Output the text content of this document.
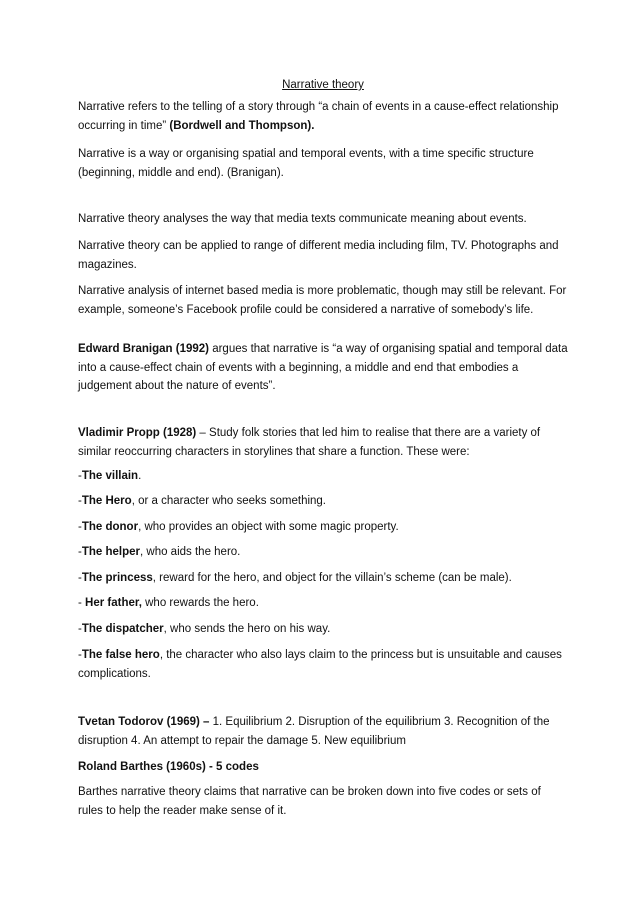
Narrative theory

Narrative refers to the telling of a story through “a chain of events in a cause-effect relationship occurring in time” (Bordwell and Thompson).

Narrative is a way or organising spatial and temporal events, with a time specific structure (beginning, middle and end). (Branigan).

Narrative theory analyses the way that media texts communicate meaning about events.

Narrative theory can be applied to range of different media including film, TV. Photographs and magazines.

Narrative analysis of internet based media is more problematic, though may still be relevant. For example, someone’s Facebook profile could be considered a narrative of somebody’s life.

Edward Branigan (1992) argues that narrative is “a way of organising spatial and temporal data into a cause-effect chain of events with a beginning, a middle and end that embodies a judgement about the nature of events”.

Vladimir Propp (1928) – Study folk stories that led him to realise that there are a variety of similar reoccurring characters in storylines that share a function. These were:

-The villain.

-The Hero, or a character who seeks something.

-The donor, who provides an object with some magic property.

-The helper, who aids the hero.

-The princess, reward for the hero, and object for the villain’s scheme (can be male).

- Her father, who rewards the hero.

-The dispatcher, who sends the hero on his way.

-The false hero, the character who also lays claim to the princess but is unsuitable and causes complications.

Tvetan Todorov (1969) – 1. Equilibrium 2. Disruption of the equilibrium 3. Recognition of the disruption 4. An attempt to repair the damage 5. New equilibrium

Roland Barthes (1960s) - 5 codes

Barthes narrative theory claims that narrative can be broken down into five codes or sets of rules to help the reader make sense of it.
